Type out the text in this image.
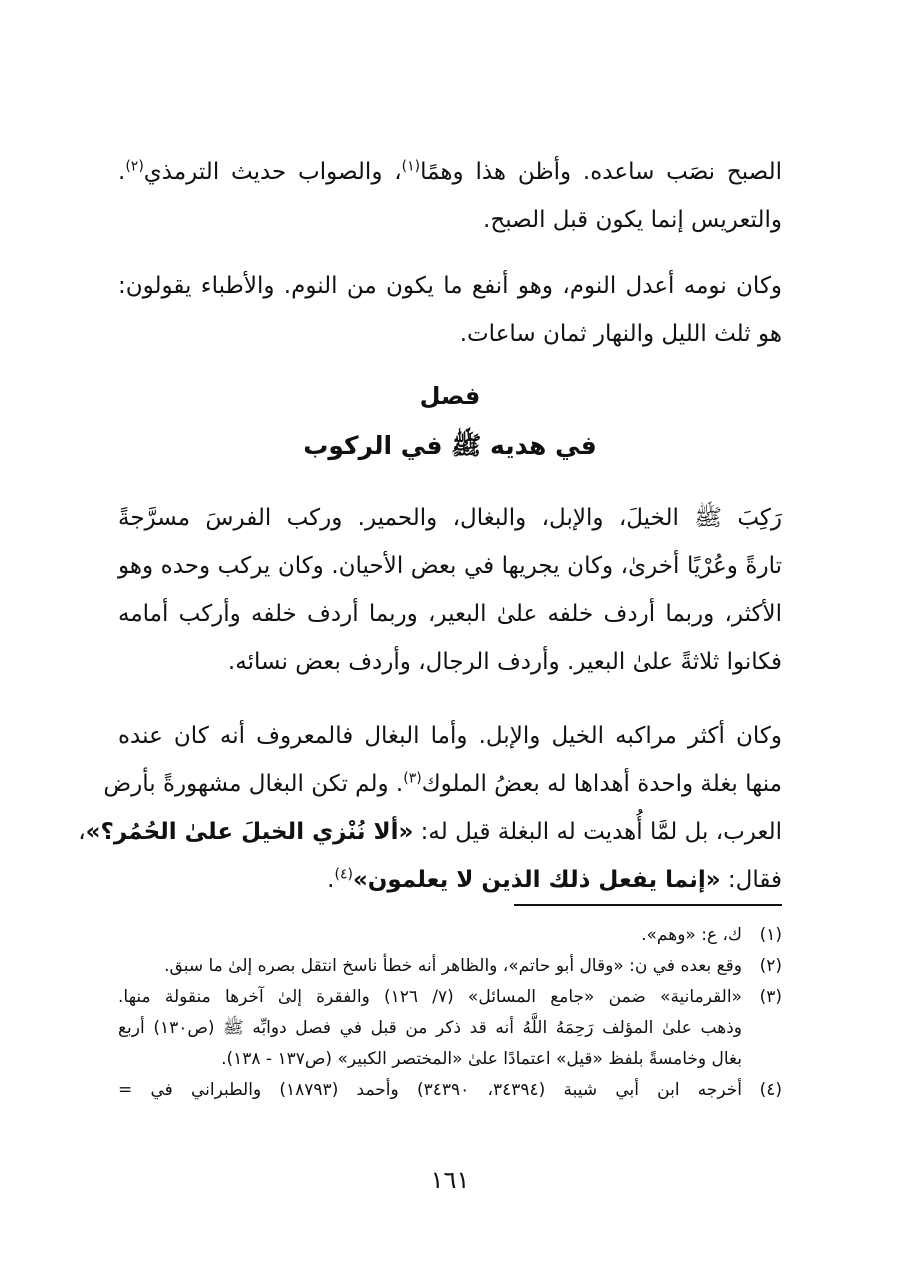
الصبح نصَب ساعده. وأظن هذا وهمًا$^{(١)}$، والصواب حديث الترمذي$^{(٢)}$.
والتعريس إنما يكون قبل الصبح.

وكان نومه أعدل النوم، وهو أنفع ما يكون من النوم. والأطباء يقولون:
هو ثلث الليل والنهار ثمان ساعات.

فصل
في هديه ﷺ في الركوب

رَكِبَ ﷺ الخيلَ، والإبل، والبغال، والحمير. وركب الفرسَ مسرَّجةً
تارةً وعُرْيًا أخرىٰ، وكان يجريها في بعض الأحيان. وكان يركب وحده وهو
الأكثر، وربما أردف خلفه علىٰ البعير، وربما أردف خلفه وأركب أمامه
فكانوا ثلاثةً علىٰ البعير. وأردف الرجال، وأردف بعض نسائه.

وكان أكثر مراكبه الخيل والإبل. وأما البغال فالمعروف أنه كان عنده
منها بغلة واحدة أهداها له بعضُ الملوك$^{(٣)}$. ولم تكن البغال مشهورةً بأرض
العرب، بل لمَّا أُهديت له البغلة قيل له: «ألا نُنْزي الخيلَ علىٰ الحُمُر؟»،
فقال: «إنما يفعل ذلك الذين لا يعلمون»$^{(٤)}$.

(١)
ك، ع: «وهم».
(٢)
وقع بعده في ن: «وقال أبو حاتم»، والظاهر أنه خطأ ناسخ انتقل بصره إلىٰ ما سبق.
(٣)
«القرمانية» ضمن «جامع المسائل» (٧/ ١٢٦) والفقرة إلىٰ آخرها منقولة منها.
وذهب علىٰ المؤلف رَحِمَهُ اللَّهُ أنه قد ذكر من قبل في فصل دوابِّه ﷺ (ص١٣٠) أربع
بغال وخامسةً بلفظ «قيل» اعتمادًا علىٰ «المختصر الكبير» (ص١٣٧ - ١٣٨).
(٤)
أخرجه ابن أبي شيبة (٣٤٣٩٤، ٣٤٣٩٠) وأحمد (١٨٧٩٣) والطبراني في =
١٦١
